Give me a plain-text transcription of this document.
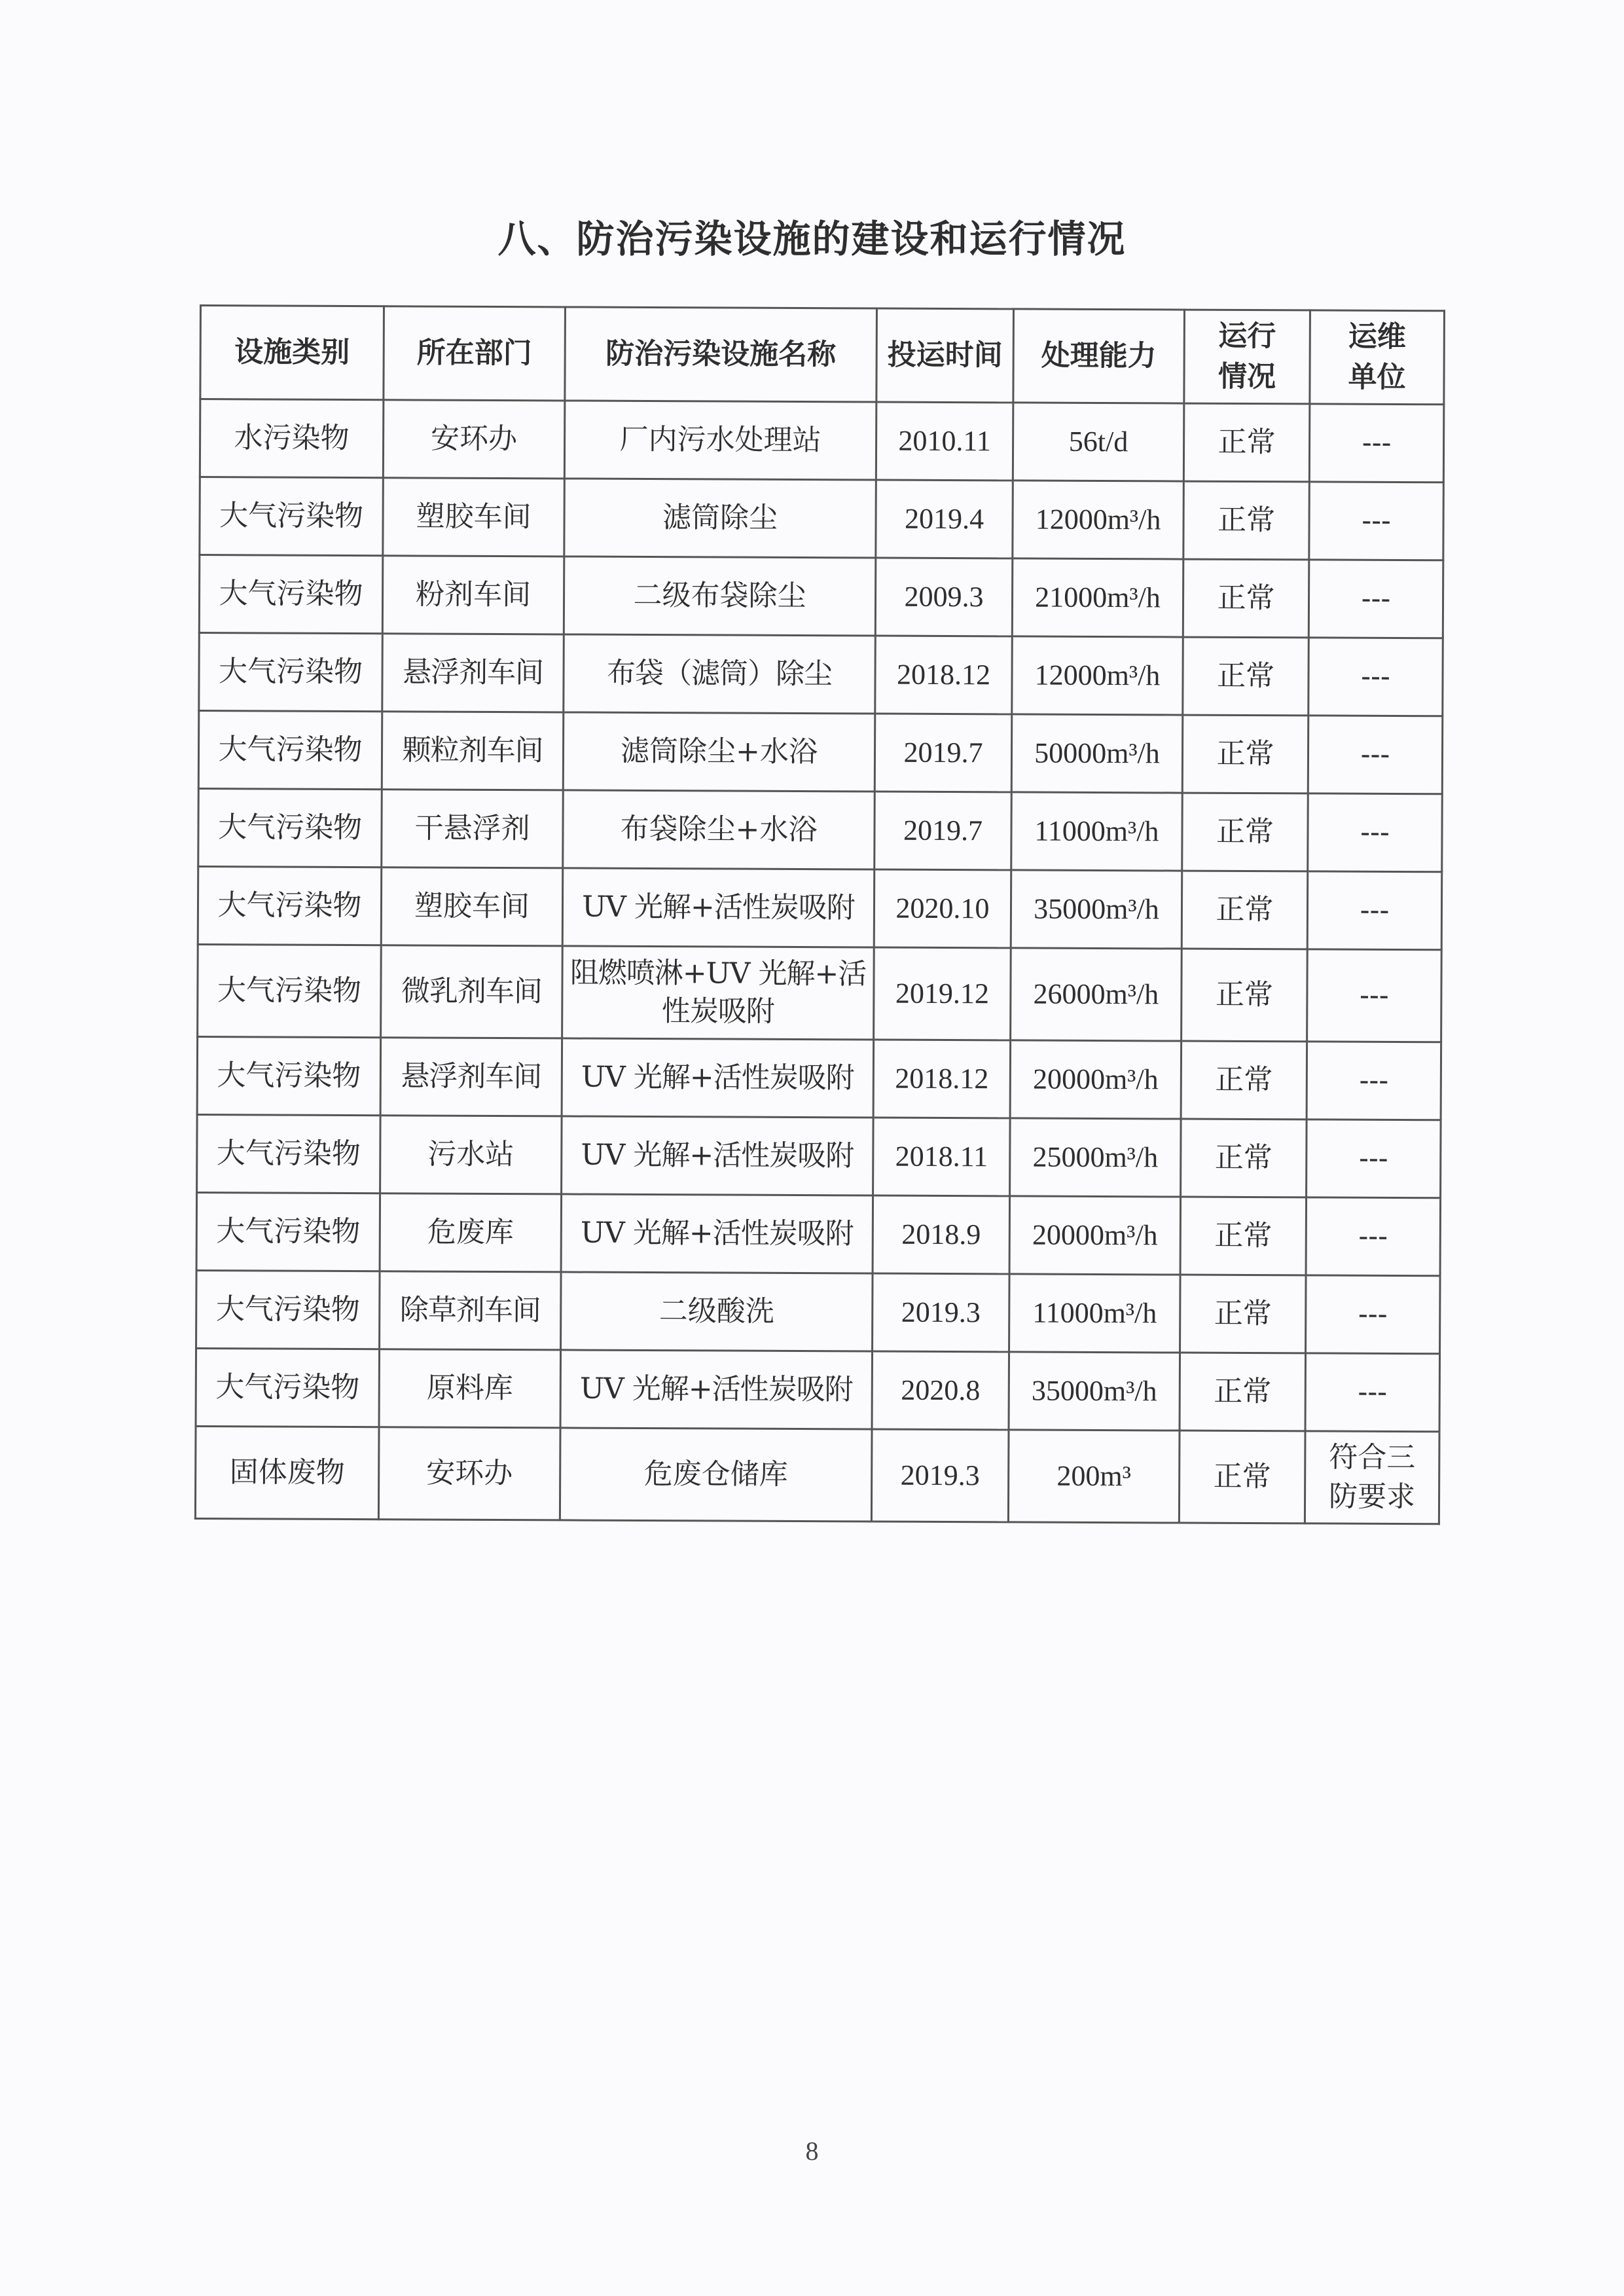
八、防治污染设施的建设和运行情况
设施类别	所在部门	防治污染设施名称	投运时间	处理能力	运行情况	运维单位
水污染物	安环办	厂内污水处理站	2010.11	56t/d	正常	---
大气污染物	塑胶车间	滤筒除尘	2019.4	12000m³/h	正常	---
大气污染物	粉剂车间	二级布袋除尘	2009.3	21000m³/h	正常	---
大气污染物	悬浮剂车间	布袋（滤筒）除尘	2018.12	12000m³/h	正常	---
大气污染物	颗粒剂车间	滤筒除尘+水浴	2019.7	50000m³/h	正常	---
大气污染物	干悬浮剂	布袋除尘+水浴	2019.7	11000m³/h	正常	---
大气污染物	塑胶车间	UV 光解+活性炭吸附	2020.10	35000m³/h	正常	---
大气污染物	微乳剂车间	阻燃喷淋+UV 光解+活性炭吸附	2019.12	26000m³/h	正常	---
大气污染物	悬浮剂车间	UV 光解+活性炭吸附	2018.12	20000m³/h	正常	---
大气污染物	污水站	UV 光解+活性炭吸附	2018.11	25000m³/h	正常	---
大气污染物	危废库	UV 光解+活性炭吸附	2018.9	20000m³/h	正常	---
大气污染物	除草剂车间	二级酸洗	2019.3	11000m³/h	正常	---
大气污染物	原料库	UV 光解+活性炭吸附	2020.8	35000m³/h	正常	---
固体废物	安环办	危废仓储库	2019.3	200m³	正常	符合三防要求
8
